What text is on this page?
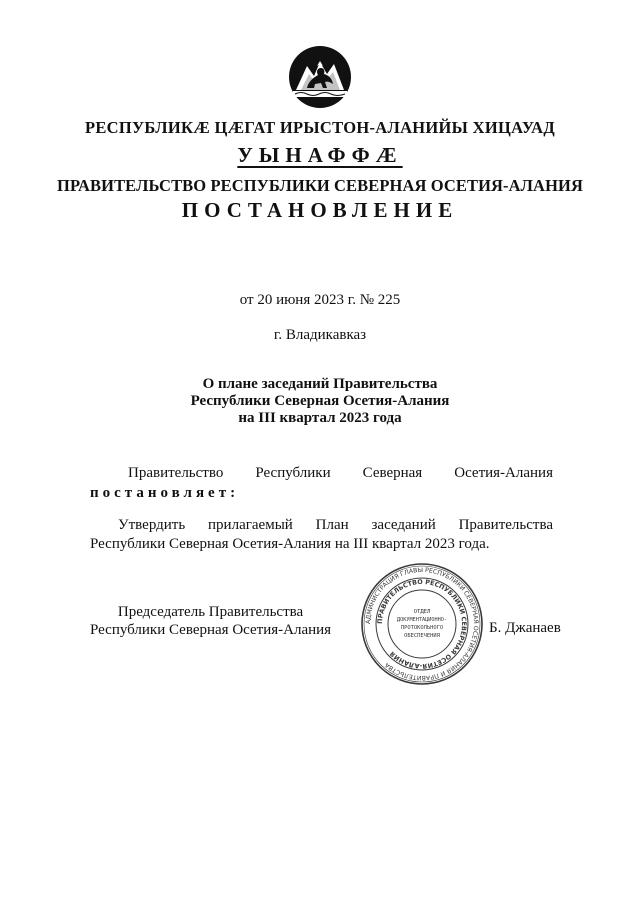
РЕСПУБЛИКӔ ЦӔГАТ ИРЫСТОН-АЛАНИЙЫ ХИЦАУАД
УЫНАФФӔ
ПРАВИТЕЛЬСТВО РЕСПУБЛИКИ СЕВЕРНАЯ ОСЕТИЯ-АЛАНИЯ
ПОСТАНОВЛЕНИЕ
от 20 июня 2023 г. № 225
г. Владикавказ
О плане заседаний Правительства
Республики Северная Осетия-Алания
на III квартал 2023 года
Правительство Республики Северная Осетия-Алания
постановляет:
Утвердить прилагаемый План заседаний Правительства Республики Северная Осетия-Алания на III квартал 2023 года.
Председатель Правительства
Республики Северная Осетия-Алания	Б. Джанаев
АДМИНИСТРАЦИЯ ГЛАВЫ РЕСПУБЛИКИ СЕВЕРНАЯ ОСЕТИЯ-АЛАНИЯ И ПРАВИТЕЛЬСТВА
ПРАВИТЕЛЬСТВО РЕСПУБЛИКИ СЕВЕРНАЯ ОСЕТИЯ-АЛАНИЯ
ОТДЕЛ
ДОКУМЕНТАЦИОННО-
ПРОТОКОЛЬНОГО
ОБЕСПЕЧЕНИЯ
